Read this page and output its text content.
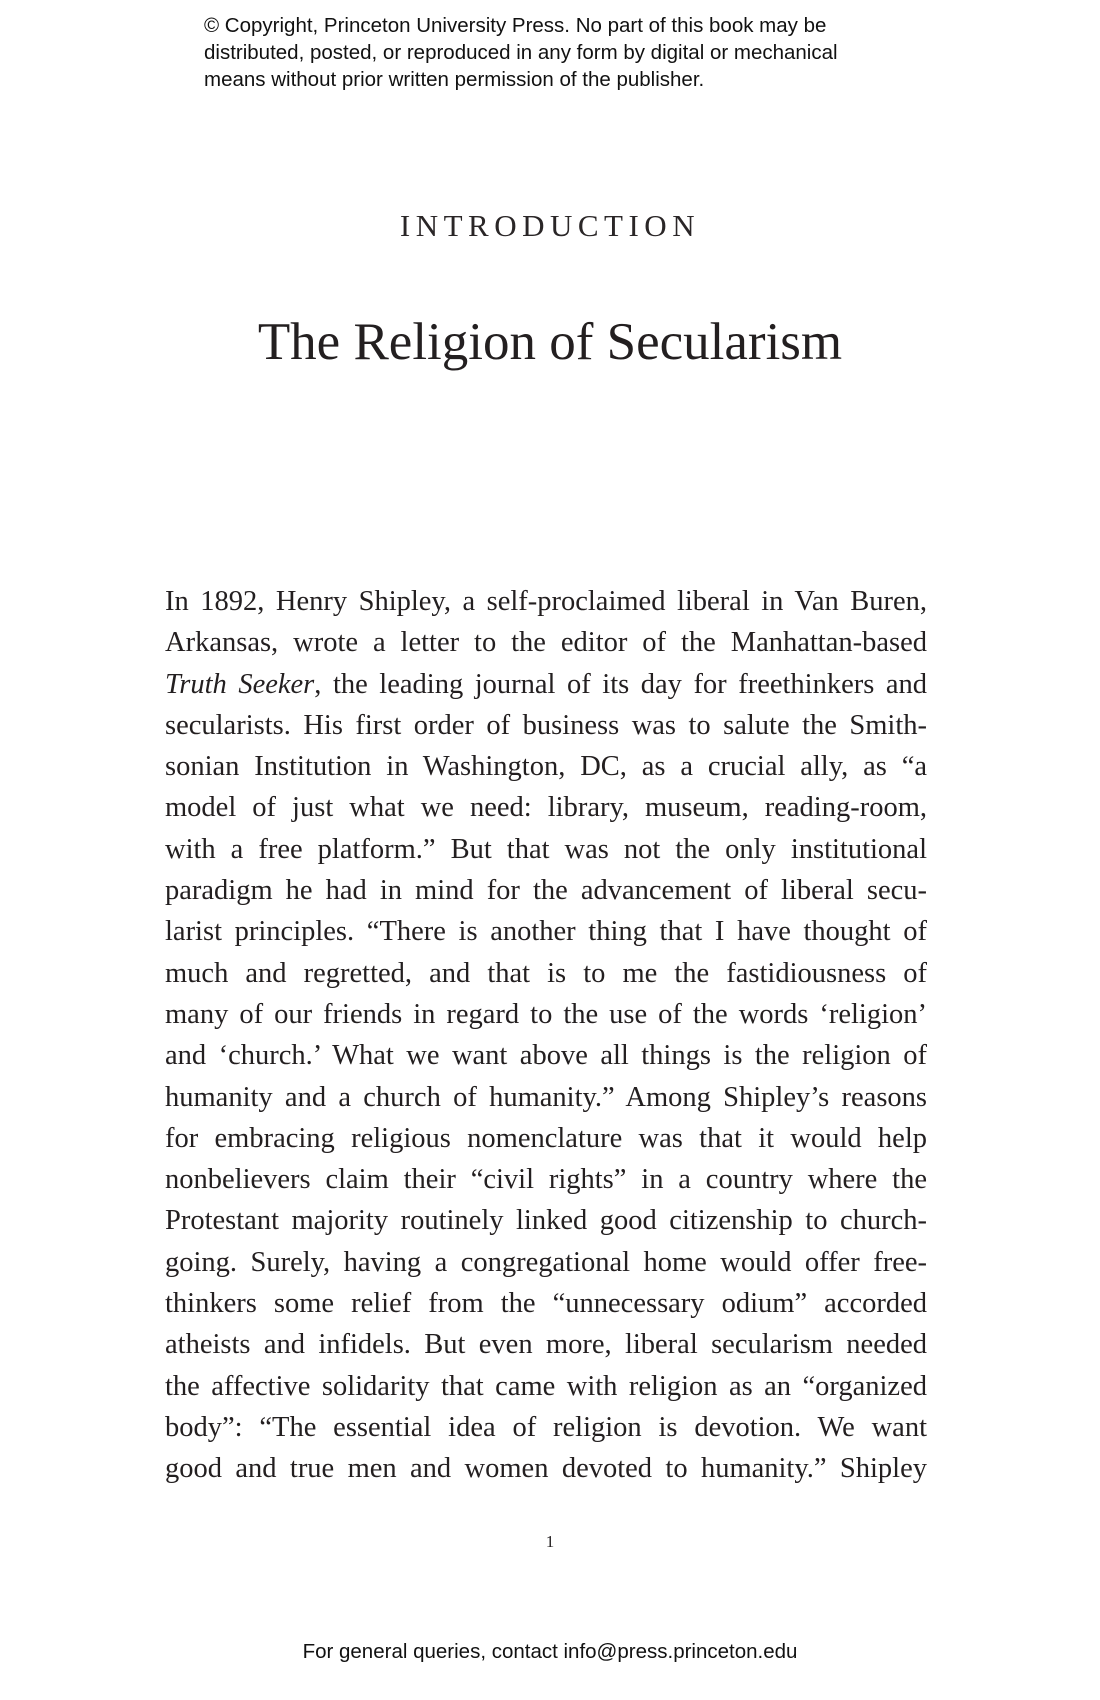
© Copyright, Princeton University Press. No part of this book may be
distributed, posted, or reproduced in any form by digital or mechanical
means without prior written permission of the publisher.
INTRODUCTION
The Religion of Secularism
In 1892, Henry Shipley, a self-proclaimed liberal in Van Buren,
Arkansas, wrote a letter to the editor of the Manhattan-based
Truth Seeker, the leading journal of its day for freethinkers and
secularists. His first order of business was to salute the Smith-
sonian Institution in Washington, DC, as a crucial ally, as “a
model of just what we need: library, museum, reading-room,
with a free platform.” But that was not the only institutional
paradigm he had in mind for the advancement of liberal secu-
larist principles. “There is another thing that I have thought of
much and regretted, and that is to me the fastidiousness of
many of our friends in regard to the use of the words ‘religion’
and ‘church.’ What we want above all things is the religion of
humanity and a church of humanity.” Among Shipley’s reasons
for embracing religious nomenclature was that it would help
nonbelievers claim their “civil rights” in a country where the
Protestant majority routinely linked good citizenship to church-
going. Surely, having a congregational home would offer free-
thinkers some relief from the “unnecessary odium” accorded
atheists and infidels. But even more, liberal secularism needed
the affective solidarity that came with religion as an “organized
body”: “The essential idea of religion is devotion. We want
good and true men and women devoted to humanity.” Shipley
1
For general queries, contact info@press.princeton.edu
